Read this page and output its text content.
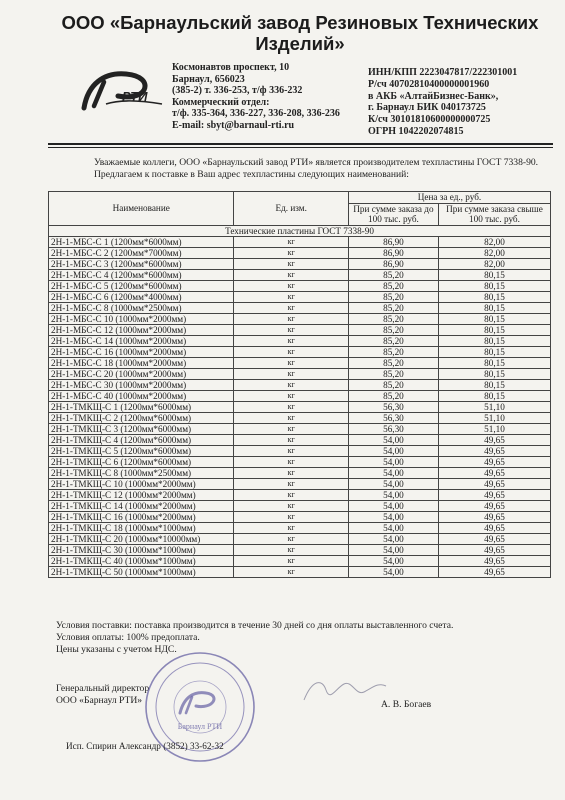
ООО «Барнаульский завод Резиновых Технических Изделий»
РТИ
Космонавтов проспект, 10
Барнаул, 656023
(385-2) т. 336-253, т/ф 336-232
Коммерческий отдел:
т/ф. 335-364, 336-227, 336-208, 336-236
E-mail: sbyt@barnaul-rti.ru
ИНН/КПП 2223047817/222301001
Р/сч 40702810400000001960
в АКБ «АлтайБизнес-Банк»,
г. Барнаул БИК 040173725
К/сч 30101810600000000725
ОГРН 1042202074815

Уважаемые коллеги, ООО «Барнаульский завод РТИ» является производителем техпластины ГОСТ 7338-90.

Предлагаем к поставке в Ваш адрес техпластины следующих наименований:

Наименование	Ед. изм.	Цена за ед., руб.	
		При сумме заказа до 100 тыс. руб.	При сумме заказа свыше 100 тыс. руб.
Технические пластины ГОСТ 7338-90			
2Н-1-МБС-С 1 (1200мм*6000мм)	кг	86,90	82,00
2Н-1-МБС-С 2 (1200мм*7000мм)	кг	86,90	82,00
2Н-1-МБС-С 3 (1200мм*6000мм)	кг	86,90	82,00
2Н-1-МБС-С 4 (1200мм*6000мм)	кг	85,20	80,15
2Н-1-МБС-С 5 (1200мм*6000мм)	кг	85,20	80,15
2Н-1-МБС-С 6 (1200мм*4000мм)	кг	85,20	80,15
2Н-1-МБС-С 8 (1000мм*2500мм)	кг	85,20	80,15
2Н-1-МБС-С 10 (1000мм*2000мм)	кг	85,20	80,15
2Н-1-МБС-С 12 (1000мм*2000мм)	кг	85,20	80,15
2Н-1-МБС-С 14 (1000мм*2000мм)	кг	85,20	80,15
2Н-1-МБС-С 16 (1000мм*2000мм)	кг	85,20	80,15
2Н-1-МБС-С 18 (1000мм*2000мм)	кг	85,20	80,15
2Н-1-МБС-С 20 (1000мм*2000мм)	кг	85,20	80,15
2Н-1-МБС-С 30 (1000мм*2000мм)	кг	85,20	80,15
2Н-1-МБС-С 40 (1000мм*2000мм)	кг	85,20	80,15
2Н-1-ТМКЩ-С 1 (1200мм*6000мм)	кг	56,30	51,10
2Н-1-ТМКЩ-С 2 (1200мм*6000мм)	кг	56,30	51,10
2Н-1-ТМКЩ-С 3 (1200мм*6000мм)	кг	56,30	51,10
2Н-1-ТМКЩ-С 4 (1200мм*6000мм)	кг	54,00	49,65
2Н-1-ТМКЩ-С 5 (1200мм*6000мм)	кг	54,00	49,65
2Н-1-ТМКЩ-С 6 (1200мм*6000мм)	кг	54,00	49,65
2Н-1-ТМКЩ-С 8 (1000мм*2500мм)	кг	54,00	49,65
2Н-1-ТМКЩ-С 10 (1000мм*2000мм)	кг	54,00	49,65
2Н-1-ТМКЩ-С 12 (1000мм*2000мм)	кг	54,00	49,65
2Н-1-ТМКЩ-С 14 (1000мм*2000мм)	кг	54,00	49,65
2Н-1-ТМКЩ-С 16 (1000мм*2000мм)	кг	54,00	49,65
2Н-1-ТМКЩ-С 18 (1000мм*1000мм)	кг	54,00	49,65
2Н-1-ТМКЩ-С 20 (1000мм*10000мм)	кг	54,00	49,65
2Н-1-ТМКЩ-С 30 (1000мм*1000мм)	кг	54,00	49,65
2Н-1-ТМКЩ-С 40 (1000мм*1000мм)	кг	54,00	49,65
2Н-1-ТМКЩ-С 50 (1000мм*1000мм)	кг	54,00	49,65
Условия поставки: поставка производится в течение 30 дней со дня оплаты выставленного счета.
Условия оплаты: 100% предоплата.
Цены указаны с учетом НДС.
Генеральный директор
ООО «Барнаул РТИ»
Барнаул РТИ
А. В. Богаев
Исп. Спирин Александр (3852) 33-62-32
